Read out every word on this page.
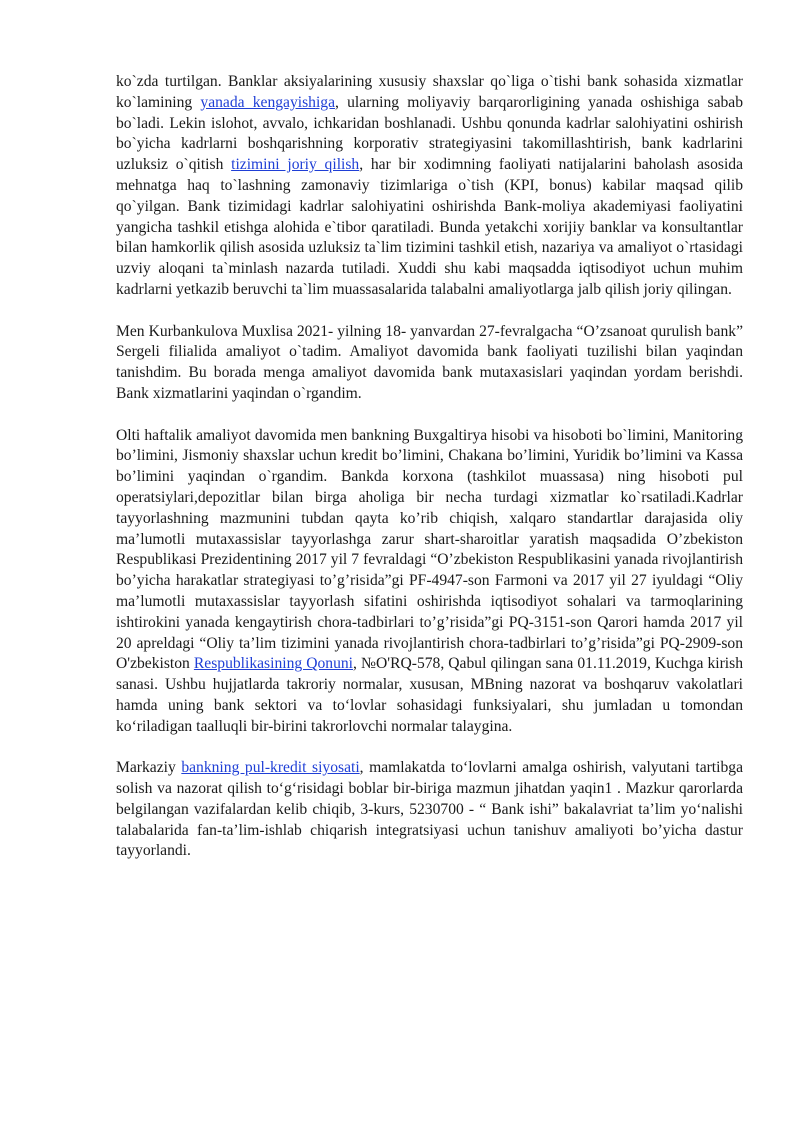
ko`zda turtilgan. Banklar aksiyalarining xususiy shaxslar qo`liga o`tishi bank sohasida xizmatlar ko`lamining yanada kengayishiga, ularning moliyaviy barqarorligining yanada oshishiga sabab bo`ladi. Lekin islohot, avvalo, ichkaridan boshlanadi. Ushbu qonunda kadrlar salohiyatini oshirish bo`yicha kadrlarni boshqarishning korporativ strategiyasini takomillashtirish, bank kadrlarini uzluksiz o`qitish tizimini joriy qilish, har bir xodimning faoliyati natijalarini baholash asosida mehnatga haq to`lashning zamonaviy tizimlariga o`tish (KPI, bonus) kabilar maqsad qilib qo`yilgan. Bank tizimidagi kadrlar salohiyatini oshirishda Bank-moliya akademiyasi faoliyatini yangicha tashkil etishga alohida e`tibor qaratiladi. Bunda yetakchi xorijiy banklar va konsultantlar bilan hamkorlik qilish asosida uzluksiz ta`lim tizimini tashkil etish, nazariya va amaliyot o`rtasidagi uzviy aloqani ta`minlash nazarda tutiladi. Xuddi shu kabi maqsadda iqtisodiyot uchun muhim kadrlarni yetkazib beruvchi ta`lim muassasalarida talabalni amaliyotlarga jalb qilish joriy qilingan.

Men Kurbankulova Muxlisa 2021- yilning 18- yanvardan 27-fevralgacha “O’zsanoat qurulish bank” Sergeli filialida amaliyot o`tadim. Amaliyot davomida bank faoliyati tuzilishi bilan yaqindan tanishdim. Bu borada menga amaliyot davomida bank mutaxasislari yaqindan yordam berishdi. Bank xizmatlarini yaqindan o`rgandim.

Olti haftalik amaliyot davomida men bankning Buxgaltirya hisobi va hisoboti bo`limini, Manitoring bo’limini, Jismoniy shaxslar uchun kredit bo’limini, Chakana bo’limini, Yuridik bo’limini va Kassa bo’limini yaqindan o`rgandim. Bankda korxona (tashkilot muassasa) ning hisoboti pul operatsiylari,depozitlar bilan birga aholiga bir necha turdagi xizmatlar ko`rsatiladi.Kadrlar tayyorlashning mazmunini tubdan qayta ko’rib chiqish, xalqaro standartlar darajasida oliy ma’lumotli mutaxassislar tayyorlashga zarur shart-sharoitlar yaratish maqsadida O’zbekiston Respublikasi Prezidentining 2017 yil 7 fevraldagi “O’zbekiston Respublikasini yanada rivojlantirish bo’yicha harakatlar strategiyasi to’g’risida”gi PF-4947-son Farmoni va 2017 yil 27 iyuldagi “Oliy ma’lumotli mutaxassislar tayyorlash sifatini oshirishda iqtisodiyot sohalari va tarmoqlarining ishtirokini yanada kengaytirish chora-tadbirlari to’g’risida”gi PQ-3151-son Qarori hamda 2017 yil 20 apreldagi “Oliy ta’lim tizimini yanada rivojlantirish chora-tadbirlari to’g’risida”gi PQ-2909-son O'zbekiston Respublikasining Qonuni, №O'RQ-578, Qabul qilingan sana 01.11.2019, Kuchga kirish sanasi. Ushbu hujjatlarda takroriy normalar, xususan, MBning nazorat va boshqaruv vakolatlari hamda uning bank sektori va to‘lovlar sohasidagi funksiyalari, shu jumladan u tomondan ko‘riladigan taalluqli bir-birini takrorlovchi normalar talaygina.

Markaziy bankning pul-kredit siyosati, mamlakatda to‘lovlarni amalga oshirish, valyutani tartibga solish va nazorat qilish to‘g‘risidagi boblar bir-biriga mazmun jihatdan yaqin1 . Mazkur qarorlarda belgilangan vazifalardan kelib chiqib, 3-kurs, 5230700 - “ Bank ishi” bakalavriat ta’lim yo‘nalishi talabalarida fan-ta’lim-ishlab chiqarish integratsiyasi uchun tanishuv amaliyoti bo’yicha dastur tayyorlandi.
